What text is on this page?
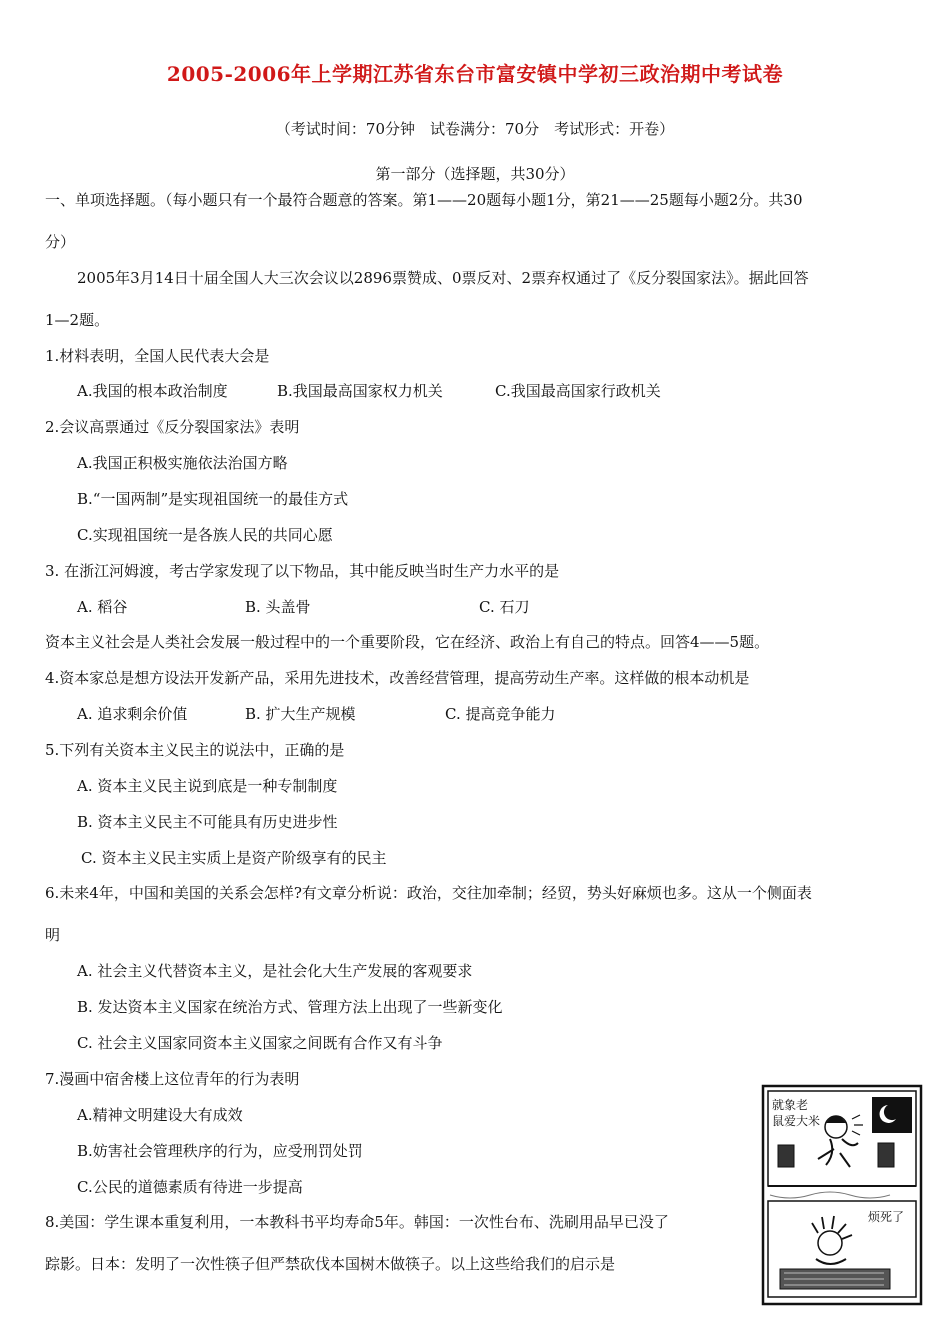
2005-2006年上学期江苏省东台市富安镇中学初三政治期中考试卷
（考试时间：70分钟　试卷满分：70分　考试形式：开卷）
第一部分（选择题，共30分）
一、单项选择题。（每小题只有一个最符合题意的答案。第1——20题每小题1分，第21——25题每小题2分。共30
分）
2005年3月14日十届全国人大三次会议以2896票赞成、0票反对、2票弃权通过了《反分裂国家法》。据此回答
1—2题。
1.材料表明，全国人民代表大会是
A.我国的根本政治制度	B.我国最高国家权力机关	C.我国最高国家行政机关
2.会议高票通过《反分裂国家法》表明
A.我国正积极实施依法治国方略
B.“一国两制”是实现祖国统一的最佳方式
C.实现祖国统一是各族人民的共同心愿
3. 在浙江河姆渡，考古学家发现了以下物品，其中能反映当时生产力水平的是
A. 稻谷	B. 头盖骨	C. 石刀
资本主义社会是人类社会发展一般过程中的一个重要阶段，它在经济、政治上有自己的特点。回答4——5题。
4.资本家总是想方设法开发新产品，采用先进技术，改善经营管理，提高劳动生产率。这样做的根本动机是
A. 追求剩余价值	B. 扩大生产规模	C. 提高竞争能力
5.下列有关资本主义民主的说法中，正确的是
A. 资本主义民主说到底是一种专制制度
B. 资本主义民主不可能具有历史进步性
C. 资本主义民主实质上是资产阶级享有的民主
6.未来4年，中国和美国的关系会怎样?有文章分析说：政治，交往加牵制；经贸，势头好麻烦也多。这从一个侧面表
明
A. 社会主义代替资本主义，是社会化大生产发展的客观要求
B. 发达资本主义国家在统治方式、管理方法上出现了一些新变化
C. 社会主义国家同资本主义国家之间既有合作又有斗争
7.漫画中宿舍楼上这位青年的行为表明
A.精神文明建设大有成效
B.妨害社会管理秩序的行为，应受刑罚处罚
C.公民的道德素质有待进一步提高
8.美国：学生课本重复利用，一本教科书平均寿命5年。韩国：一次性台布、洗刷用品早已没了
踪影。日本：发明了一次性筷子但严禁砍伐本国树木做筷子。以上这些给我们的启示是
就象老
鼠爱大米
烦死了
